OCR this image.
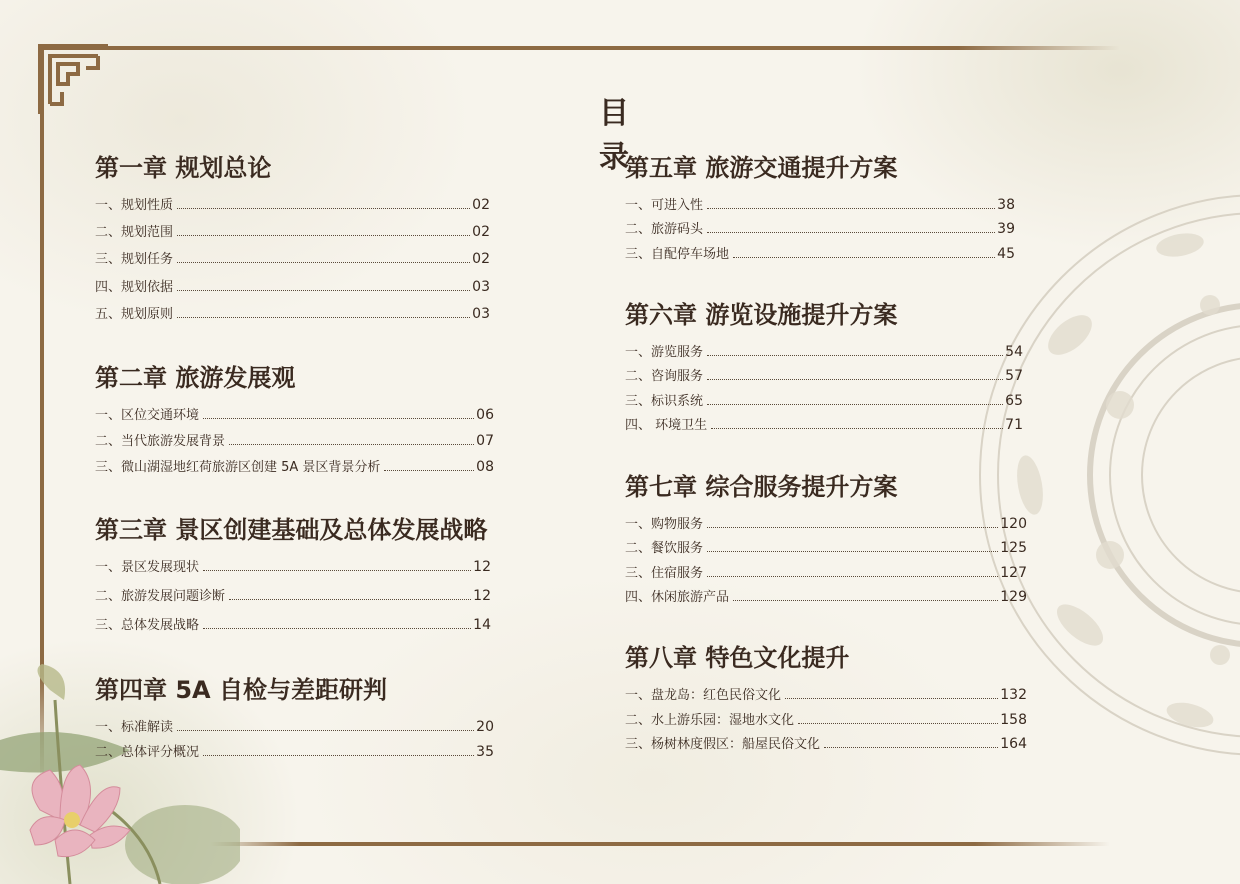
目 录
第一章 规划总论
一、规划性质	02
二、规划范围	02
三、规划任务	02
四、规划依据	03
五、规划原则	03
第二章 旅游发展观
一、区位交通环境	06
二、当代旅游发展背景	07
三、微山湖湿地红荷旅游区创建 5A 景区背景分析	08
第三章 景区创建基础及总体发展战略
一、景区发展现状	12
二、旅游发展问题诊断	12
三、总体发展战略	14
第四章 5A 自检与差距研判
一、标准解读	20
二、总体评分概况	35
第五章 旅游交通提升方案
一、可进入性	38
二、旅游码头	39
三、自配停车场地	45
第六章 游览设施提升方案
一、游览服务	54
二、咨询服务	57
三、标识系统	65
四、 环境卫生	71
第七章 综合服务提升方案
一、购物服务	120
二、餐饮服务	125
三、住宿服务	127
四、休闲旅游产品	129
第八章 特色文化提升
一、盘龙岛：红色民俗文化	132
二、水上游乐园：湿地水文化	158
三、杨树林度假区：船屋民俗文化	164
